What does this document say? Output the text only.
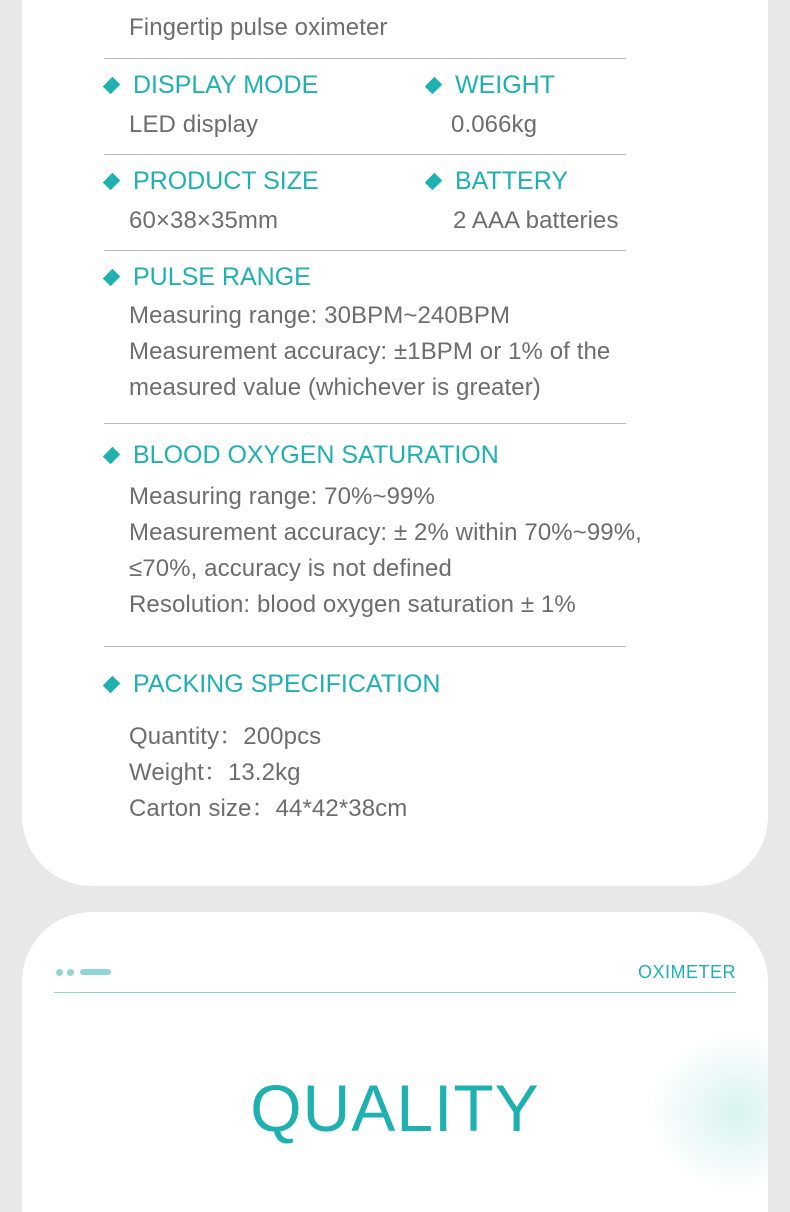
Fingertip pulse oximeter
DISPLAY MODE
LED display
WEIGHT
0.066kg
PRODUCT SIZE
60×38×35mm
BATTERY
2 AAA batteries
PULSE RANGE
Measuring range: 30BPM~240BPM
Measurement accuracy: ±1BPM or 1% of the
measured value (whichever is greater)
BLOOD OXYGEN SATURATION
Measuring range: 70%~99%
Measurement accuracy: ± 2% within 70%~99%,
≤70%, accuracy is not defined
Resolution: blood oxygen saturation ± 1%
PACKING SPECIFICATION
Quantity：200pcs
Weight：13.2kg
Carton size：44*42*38cm
OXIMETER
QUALITY
